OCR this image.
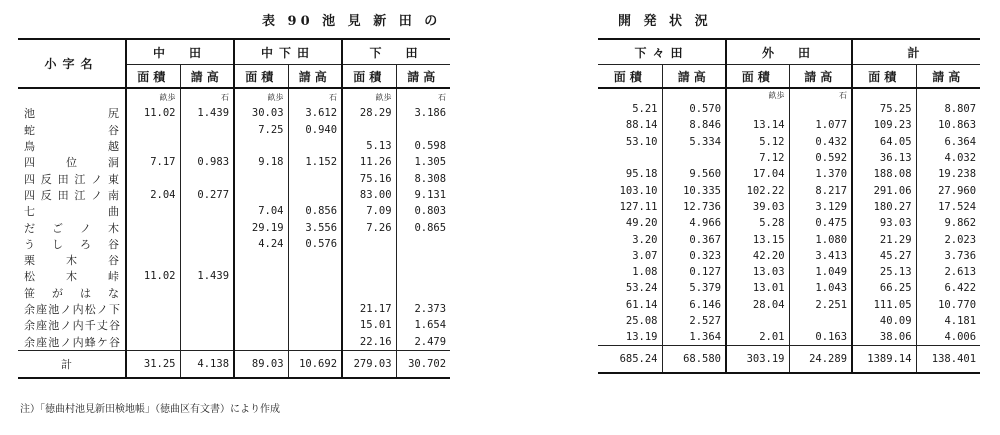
表 90 池 見 新 田 の	開 発 状 況
小字名	中　田		中下田		下　田	
	面積	請高	面積	請高	面積	請高
	畝歩	石	畝歩	石	畝歩	石
池　　尻	11.02	1.439	30.03	3.612	28.29	3.186
蛇　　谷			7.25	0.940		
鳥　　越					5.13	0.598
四　位　洞	7.17	0.983	9.18	1.152	11.26	1.305
四反田江ノ東					75.16	8.308
四反田江ノ南	2.04	0.277			83.00	9.131
七　　曲			7.04	0.856	7.09	0.803
だごノ木			29.19	3.556	7.26	0.865
うしろ谷			4.24	0.576		
栗　木　谷						
松　木　峠	11.02	1.439				
笹がはな						
余座池ノ内松ノ下					21.17	2.373
余座池ノ内千丈谷					15.01	1.654
余座池ノ内蜂ケ谷					22.16	2.479
計	31.25	4.138	89.03	10.692	279.03	30.702
下々田		外　田		計	
面積	請高	面積	請高	面積	請高
		畝歩	石		
5.21	0.570			75.25	8.807
88.14	8.846	13.14	1.077	109.23	10.863
53.10	5.334	5.12	0.432	64.05	6.364
		7.12	0.592	36.13	4.032
95.18	9.560	17.04	1.370	188.08	19.238
103.10	10.335	102.22	8.217	291.06	27.960
127.11	12.736	39.03	3.129	180.27	17.524
49.20	4.966	5.28	0.475	93.03	9.862
3.20	0.367	13.15	1.080	21.29	2.023
3.07	0.323	42.20	3.413	45.27	3.736
1.08	0.127	13.03	1.049	25.13	2.613
53.24	5.379	13.01	1.043	66.25	6.422
61.14	6.146	28.04	2.251	111.05	10.770
25.08	2.527			40.09	4.181
13.19	1.364	2.01	0.163	38.06	4.006
685.24	68.580	303.19	24.289	1389.14	138.401
注）「徳曲村池見新田検地帳」（徳曲区有文書）により作成
